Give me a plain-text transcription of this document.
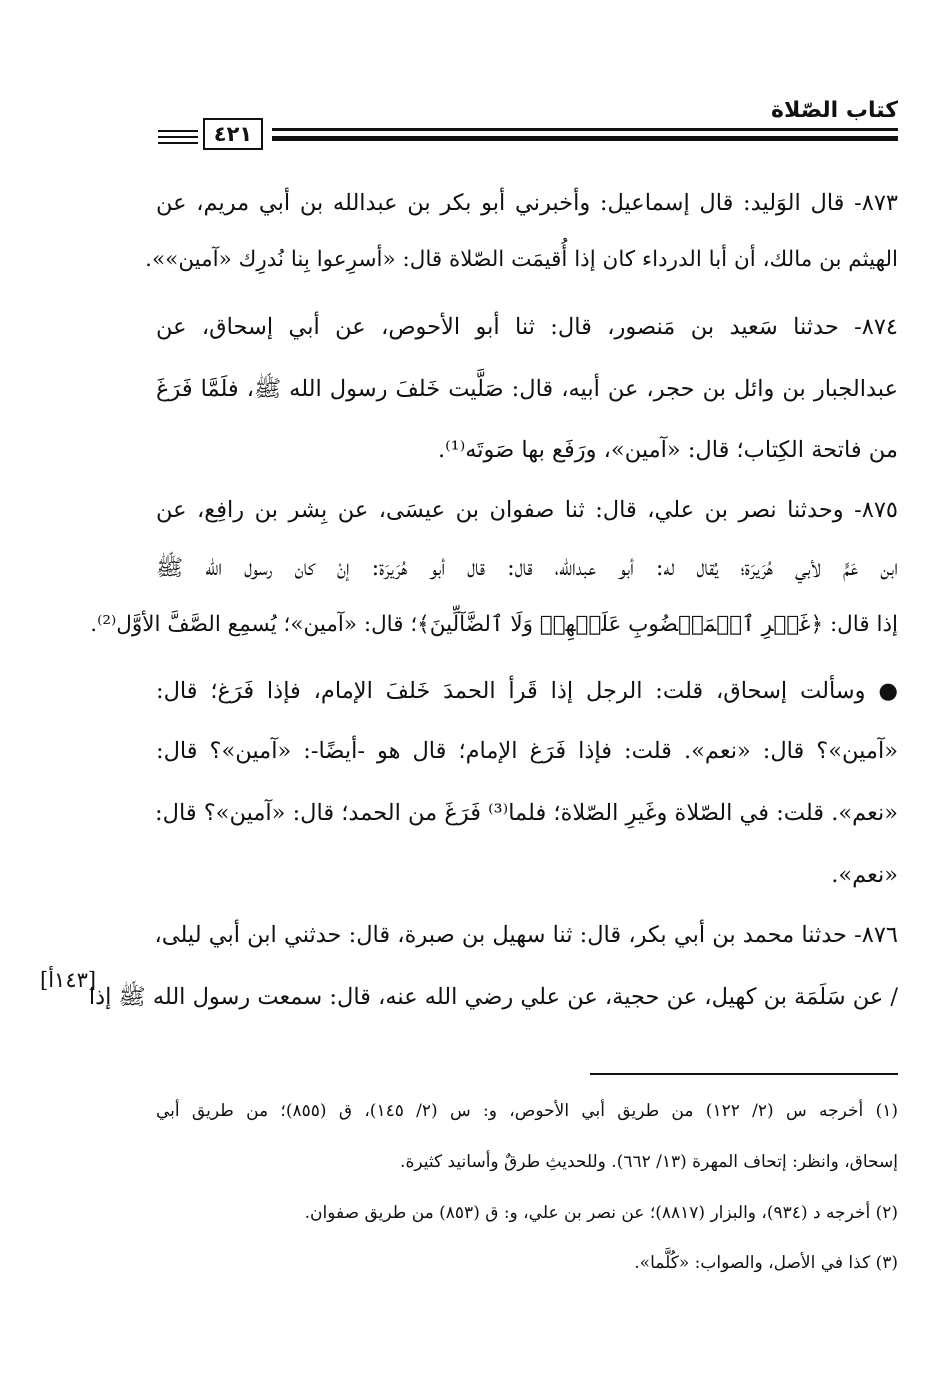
كتاب الصّلاة
٤٢١
٨٧٣- قال الوَليد: قال إسماعيل: وأخبرني أبو بكر بن عبدالله بن أبي مريم، عن
الهيثم بن مالك، أن أبا الدرداء كان إذا أُقيمَت الصّلاة قال: «أسرِعوا بِنا نُدرِك «آمين»».
٨٧٤- حدثنا سَعيد بن مَنصور، قال: ثنا أبو الأحوص، عن أبي إسحاق، عن
عبدالجبار بن وائل بن حجر، عن أبيه، قال: صَلَّيت خَلفَ رسول الله ﷺ، فلَمَّا فَرَغَ
من فاتحة الكِتاب؛ قال: «آمين»، ورَفَع بها صَوتَه⁽¹⁾.
٨٧٥- وحدثنا نصر بن علي، قال: ثنا صفوان بن عيسَى، عن بِشر بن رافِع، عن
ابن عَمٍّ لأبي هُرَيرَة؛ يُقال له: أبو عبدالله، قال: قال أبو هُرَيرَة: إنْ كان رسول الله ﷺ
إذا قال: ﴿غَيۡرِ ٱلۡمَغۡضُوبِ عَلَيۡهِمۡ وَلَا ٱلضَّآلِّينَ﴾؛ قال: «آمين»؛ يُسمِع الصَّفَّ الأوَّل⁽²⁾.
● وسألت إسحاق، قلت: الرجل إذا قَرأ الحمدَ خَلفَ الإمام، فإذا فَرَغ؛ قال:
«آمين»؟ قال: «نعم». قلت: فإذا فَرَغ الإمام؛ قال هو -أيضًا-: «آمين»؟ قال:
«نعم». قلت: في الصّلاة وغَيرِ الصّلاة؛ فلما⁽³⁾ فَرَغَ من الحمد؛ قال: «آمين»؟ قال:
«نعم».
٨٧٦- حدثنا محمد بن أبي بكر، قال: ثنا سهيل بن صبرة، قال: حدثني ابن أبي ليلى،
/ عن سَلَمَة بن كهيل، عن حجية، عن علي رضي الله عنه، قال: سمعت رسول الله ﷺ إذا
[١٤٣أ]
(١) أخرجه س (٢/ ١٢٢) من طريق أبي الأحوص، و: س (٢/ ١٤٥)، ق (٨٥٥)؛ من طريق أبي
إسحاق، وانظر: إتحاف المهرة (١٣/ ٦٦٢). وللحديثِ طرقٌ وأسانيد كثيرة.
(٢) أخرجه د (٩٣٤)، والبزار (٨٨١٧)؛ عن نصر بن علي، و: ق (٨٥٣) من طريق صفوان.
(٣) كذا في الأصل، والصواب: «كُلَّما».
